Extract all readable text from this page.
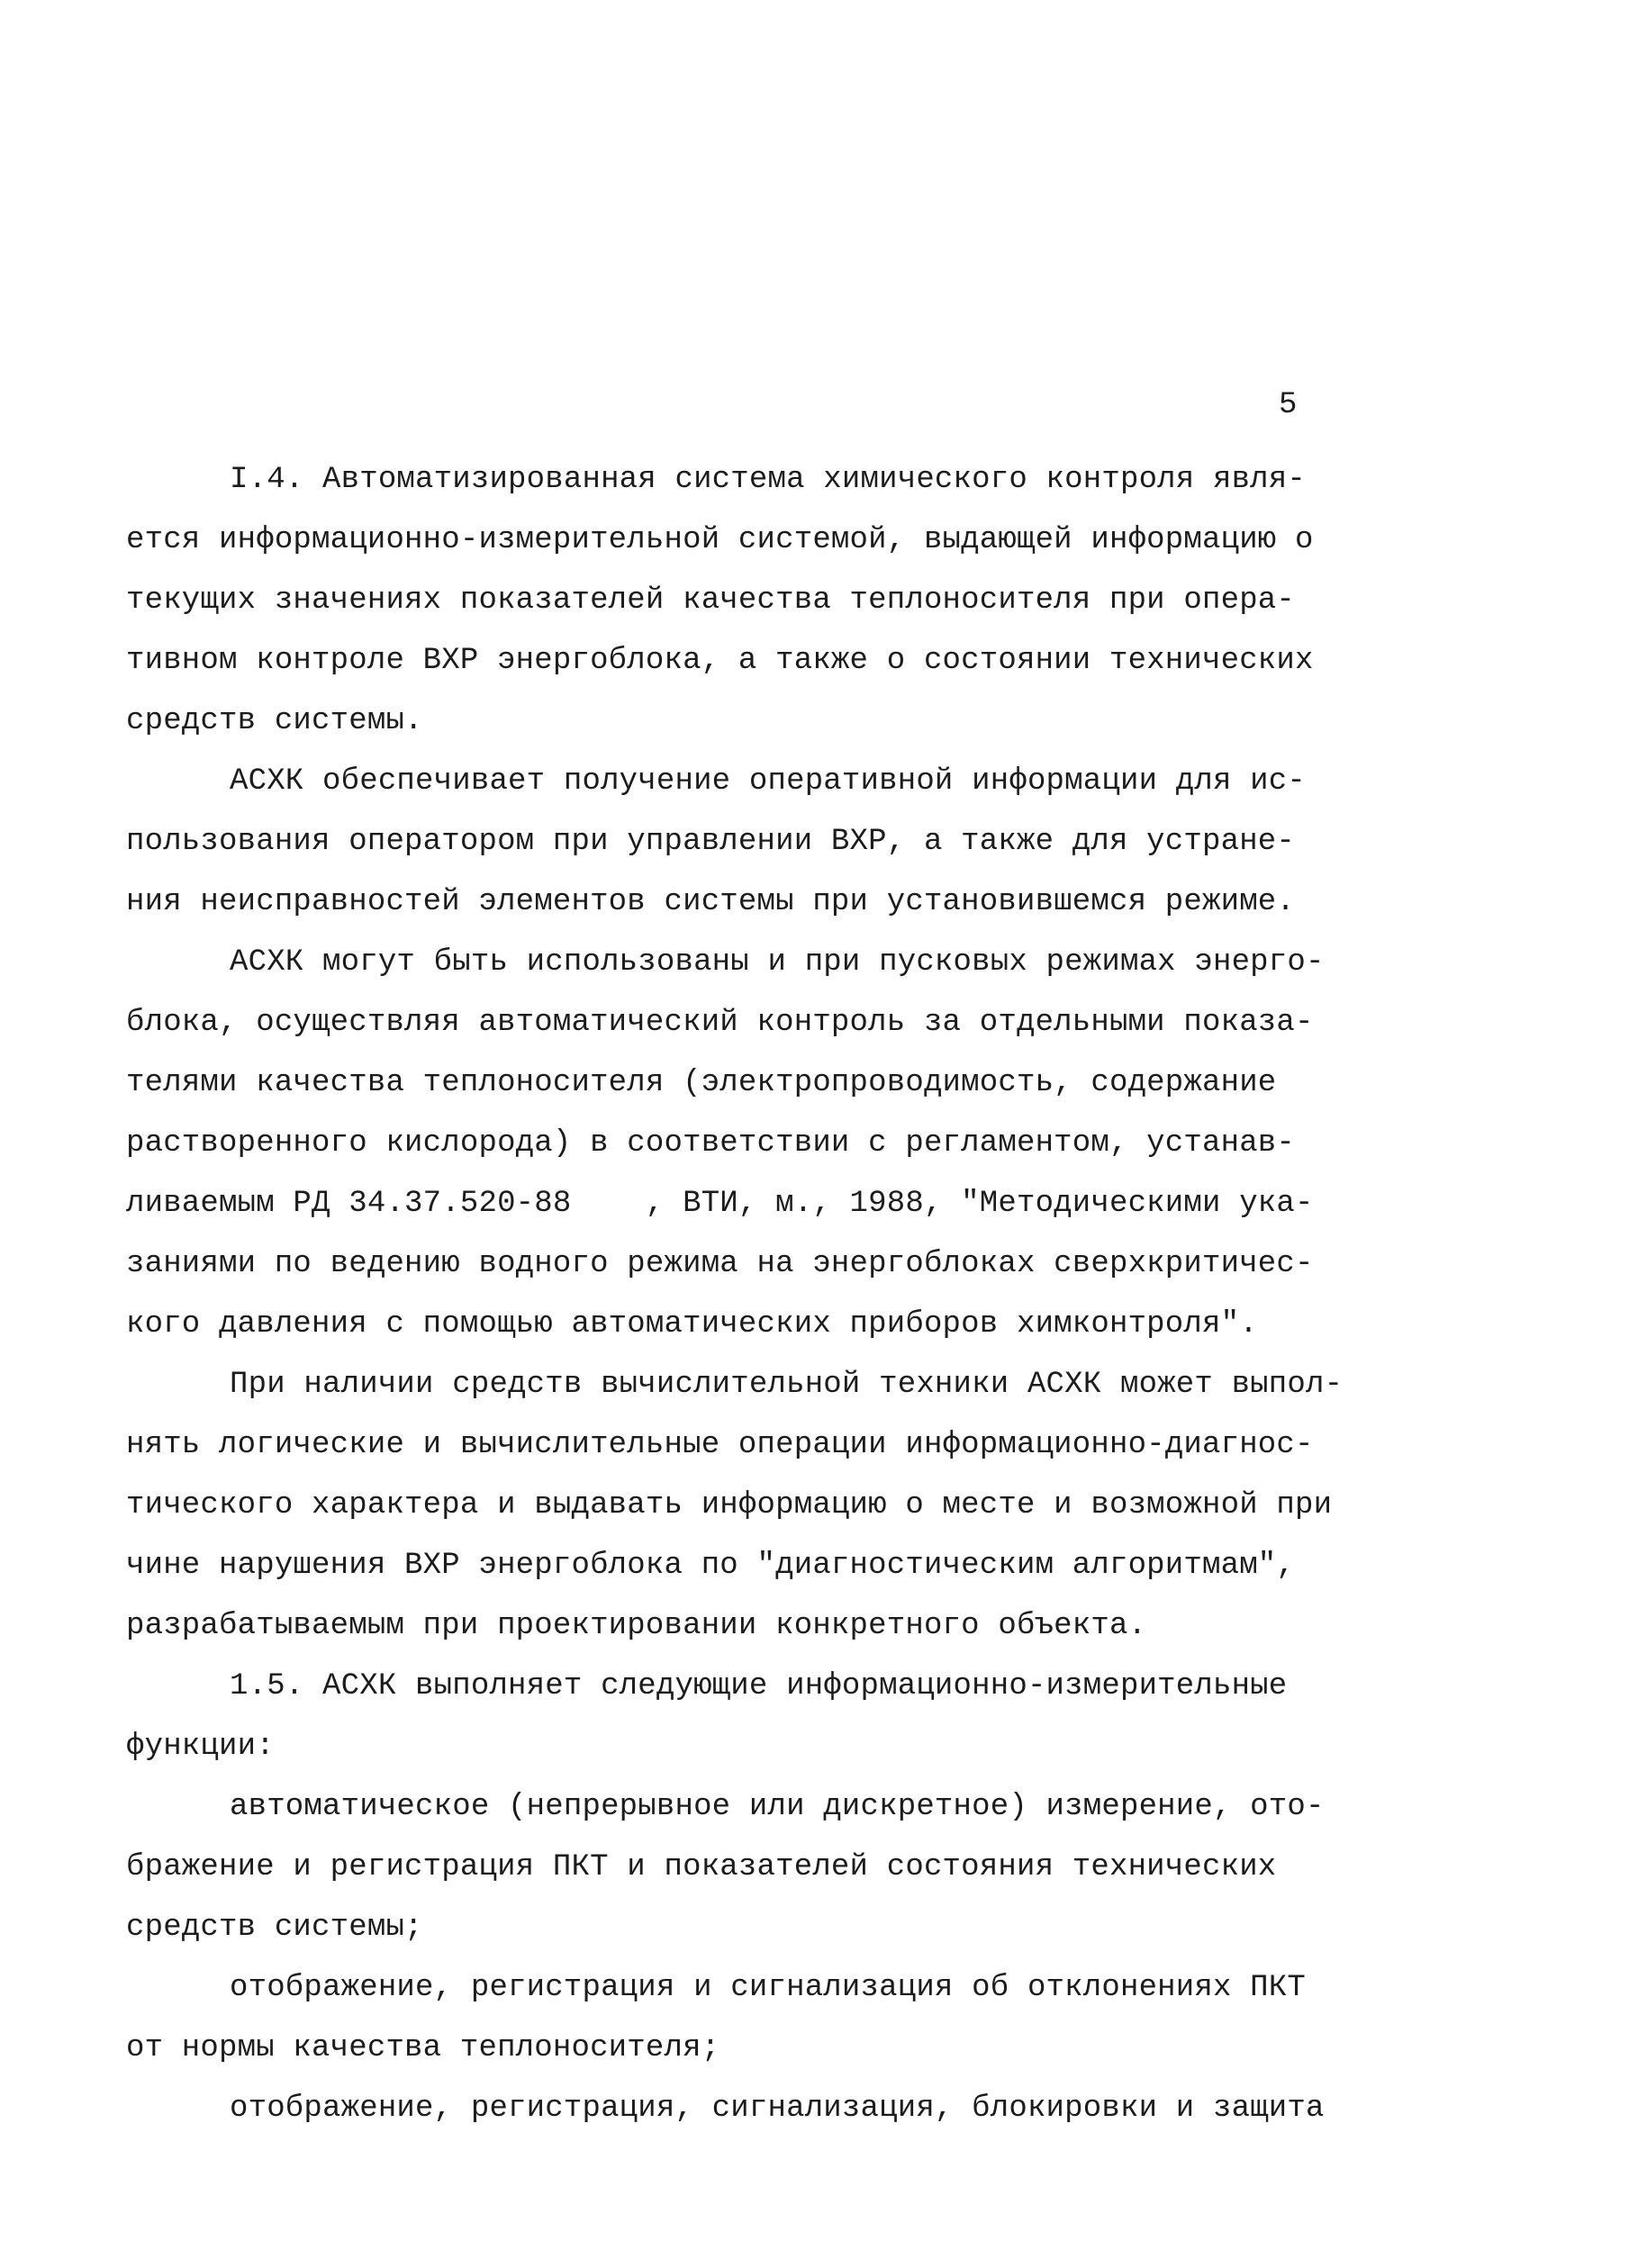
5
I.4. Автоматизированная система химического контроля явля-
ется информационно-измерительной системой, выдающей информацию о
текущих значениях показателей качества теплоносителя при опера-
тивном контроле ВХР энергоблока, а также о состоянии технических
средств системы.
АСХК обеспечивает получение оперативной информации для ис-
пользования оператором при управлении ВХР, а также для устране-
ния неисправностей элементов системы при установившемся режиме.
АСХК могут быть использованы и при пусковых режимах энерго-
блока, осуществляя автоматический контроль за отдельными показа-
телями качества теплоносителя (электропроводимость, содержание
растворенного кислорода) в соответствии с регламентом, устанав-
ливаемым РД 34.37.520-88    , ВТИ, м., 1988, "Методическими ука-
заниями по ведению водного режима на энергоблоках сверхкритичес-
кого давления с помощью автоматических приборов химконтроля".
При наличии средств вычислительной техники АСХК может выпол-
нять логические и вычислительные операции информационно-диагнос-
тического характера и выдавать информацию о месте и возможной при
чине нарушения ВХР энергоблока по "диагностическим алгоритмам",
разрабатываемым при проектировании конкретного объекта.
1.5. АСХК выполняет следующие информационно-измерительные
функции:
автоматическое (непрерывное или дискретное) измерение, ото-
бражение и регистрация ПКТ и показателей состояния технических
средств системы;
отображение, регистрация и сигнализация об отклонениях ПКТ
от нормы качества теплоносителя;
отображение, регистрация, сигнализация, блокировки и защита
